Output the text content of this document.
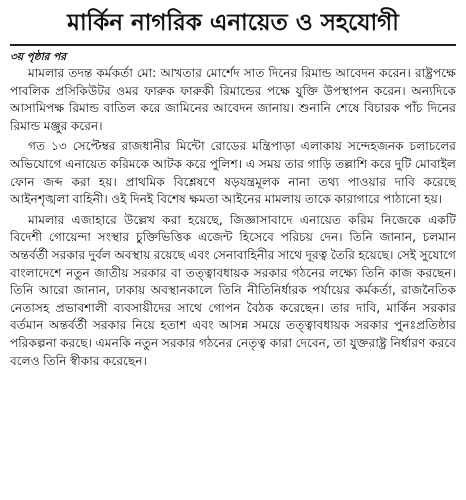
মার্কিন নাগরিক এনায়েত ও সহযোগী
৩য় পৃষ্ঠার পর

মামলার তদন্ত কর্মকর্তা মো: আখতার মোর্শেদ সাত দিনের রিমান্ড আবেদন করেন। রাষ্ট্রপক্ষে পাবলিক প্রসিকিউটর ওমর ফারুক ফারুকী রিমান্ডের পক্ষে যুক্তি উপস্থাপন করেন। অন্যদিকে আসামিপক্ষ রিমান্ড বাতিল করে জামিনের আবেদন জানায়। শুনানি শেষে বিচারক পাঁচ দিনের রিমান্ড মঞ্জুর করেন।

গত ১৩ সেপ্টেম্বর রাজধানীর মিন্টো রোডের মন্ত্রিপাড়া এলাকায় সন্দেহজনক চলাচলের অভিযোগে এনায়েত করিমকে আটক করে পুলিশ। এ সময় তার গাড়ি তল্লাশি করে দুটি মোবাইল ফোন জব্দ করা হয়। প্রাথমিক বিশ্লেষণে ষড়যন্ত্রমূলক নানা তথ্য পাওয়ার দাবি করেছে আইনশৃঙ্খলা বাহিনী। ওই দিনই বিশেষ ক্ষমতা আইনের মামলায় তাকে কারাগারে পাঠানো হয়।

মামলার এজাহারে উল্লেখ করা হয়েছে, জিজ্ঞাসাবাদে এনায়েত করিম নিজেকে একটি বিদেশী গোয়েন্দা সংস্থার চুক্তিভিত্তিক এজেন্ট হিসেবে পরিচয় দেন। তিনি জানান, চলমান অন্তর্বর্তী সরকার দুর্বল অবস্থায় রয়েছে এবং সেনাবাহিনীর সাথে দূরত্ব তৈরি হয়েছে। সেই সুযোগে বাংলাদেশে নতুন জাতীয় সরকার বা তত্ত্বাবধায়ক সরকার গঠনের লক্ষ্যে তিনি কাজ করছেন। তিনি আরো জানান, ঢাকায় অবস্থানকালে তিনি নীতিনির্ধারক পর্যায়ের কর্মকর্তা, রাজনৈতিক নেতাসহ প্রভাবশালী ব্যবসায়ীদের সাথে গোপন বৈঠক করেছেন। তার দাবি, মার্কিন সরকার বর্তমান অন্তর্বর্তী সরকার নিয়ে হতাশ এবং আসন্ন সময়ে তত্ত্বাবধায়ক সরকার পুনঃপ্রতিষ্ঠার পরিকল্পনা করছে। এমনকি নতুন সরকার গঠনের নেতৃত্ব কারা দেবেন, তা যুক্তরাষ্ট্র নির্ধারণ করবে বলেও তিনি স্বীকার করেছেন।
